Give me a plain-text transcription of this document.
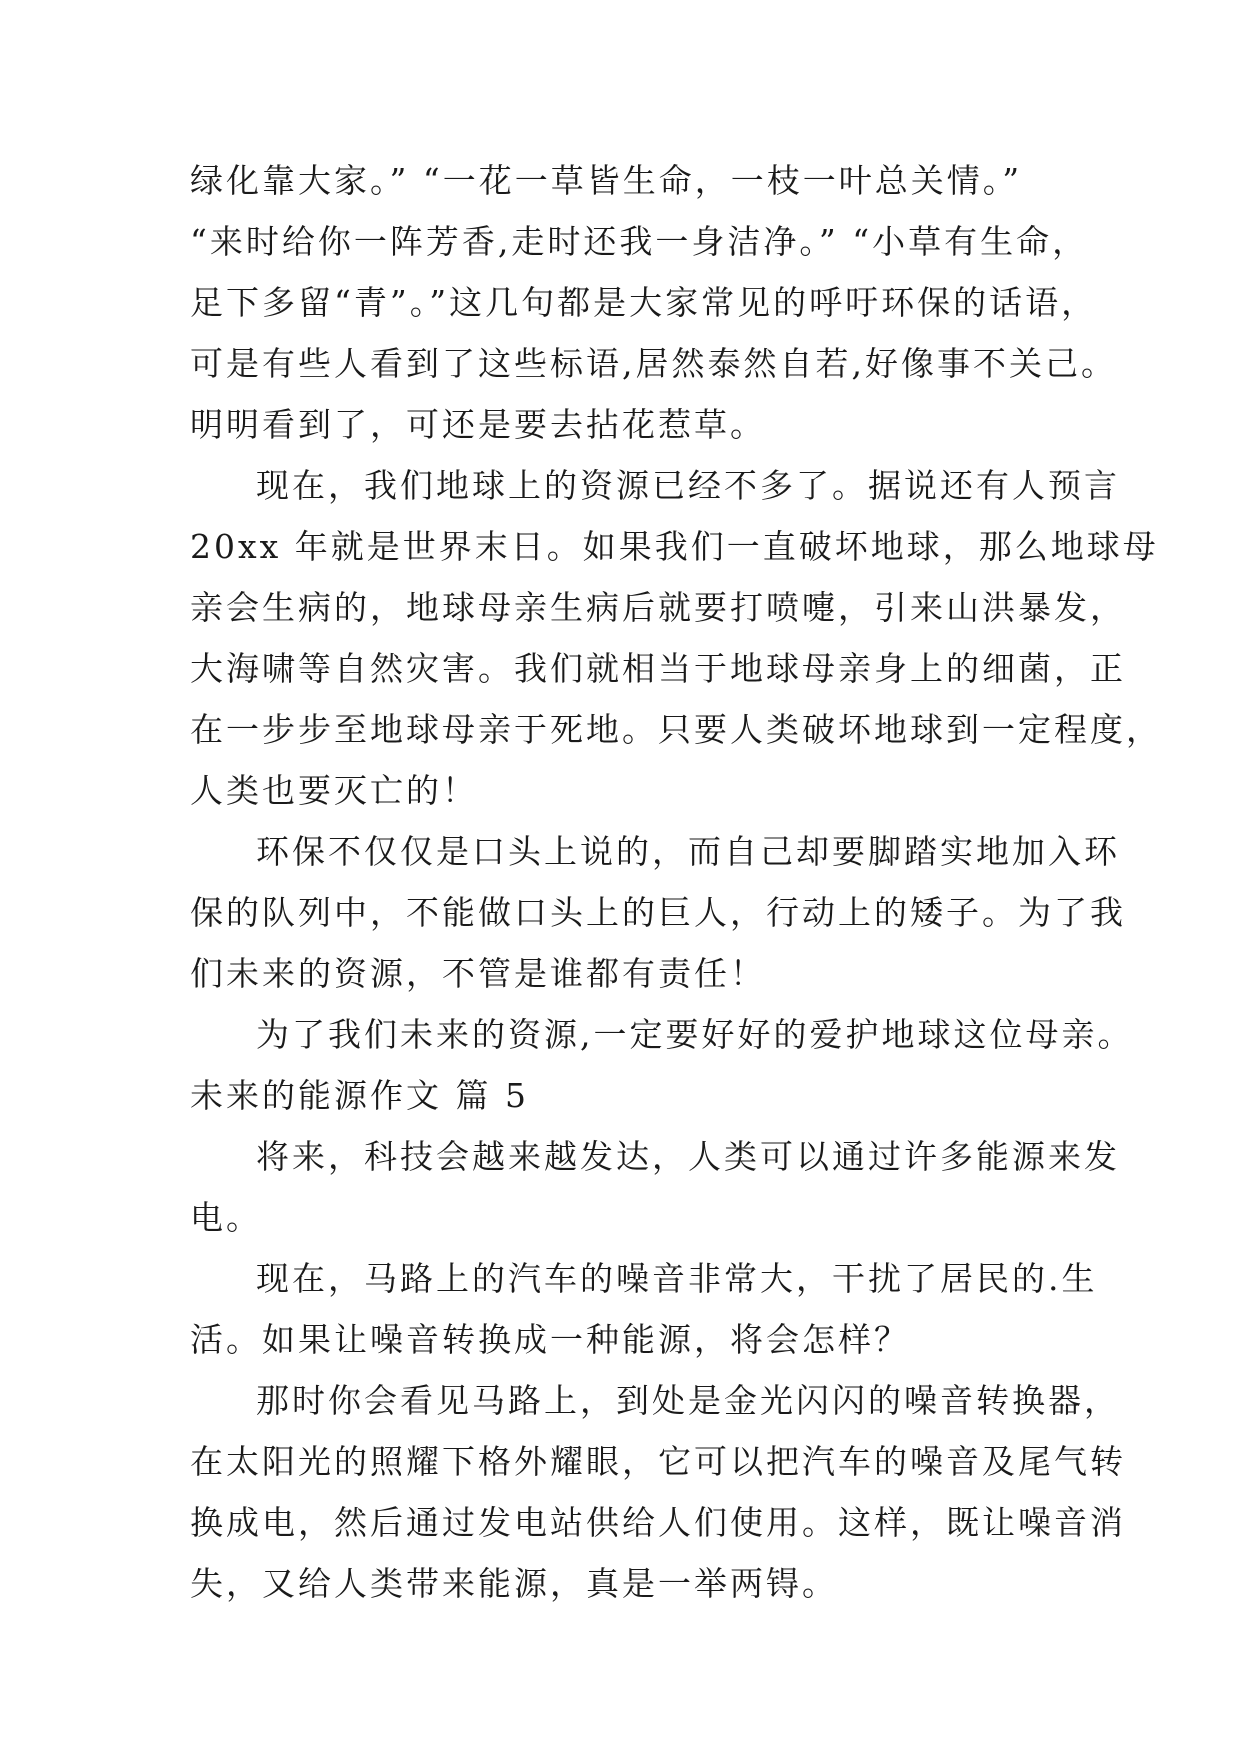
绿化靠大家。” “一花一草皆生命，一枝一叶总关情。”
“来时给你一阵芳香,走时还我一身洁净。” “小草有生命，
足下多留“青”。”这几句都是大家常见的呼吁环保的话语，
可是有些人看到了这些标语,居然泰然自若,好像事不关己。
明明看到了，可还是要去拈花惹草。
现在，我们地球上的资源已经不多了。据说还有人预言
20xx 年就是世界末日。如果我们一直破坏地球，那么地球母
亲会生病的，地球母亲生病后就要打喷嚏，引来山洪暴发，
大海啸等自然灾害。我们就相当于地球母亲身上的细菌，正
在一步步至地球母亲于死地。只要人类破坏地球到一定程度，
人类也要灭亡的！
环保不仅仅是口头上说的，而自己却要脚踏实地加入环
保的队列中，不能做口头上的巨人，行动上的矮子。为了我
们未来的资源，不管是谁都有责任！
为了我们未来的资源,一定要好好的爱护地球这位母亲。
未来的能源作文 篇 5
将来，科技会越来越发达，人类可以通过许多能源来发
电。
现在，马路上的汽车的噪音非常大，干扰了居民的.生
活。如果让噪音转换成一种能源，将会怎样？
那时你会看见马路上，到处是金光闪闪的噪音转换器，
在太阳光的照耀下格外耀眼，它可以把汽车的噪音及尾气转
换成电，然后通过发电站供给人们使用。这样，既让噪音消
失，又给人类带来能源，真是一举两锝。
